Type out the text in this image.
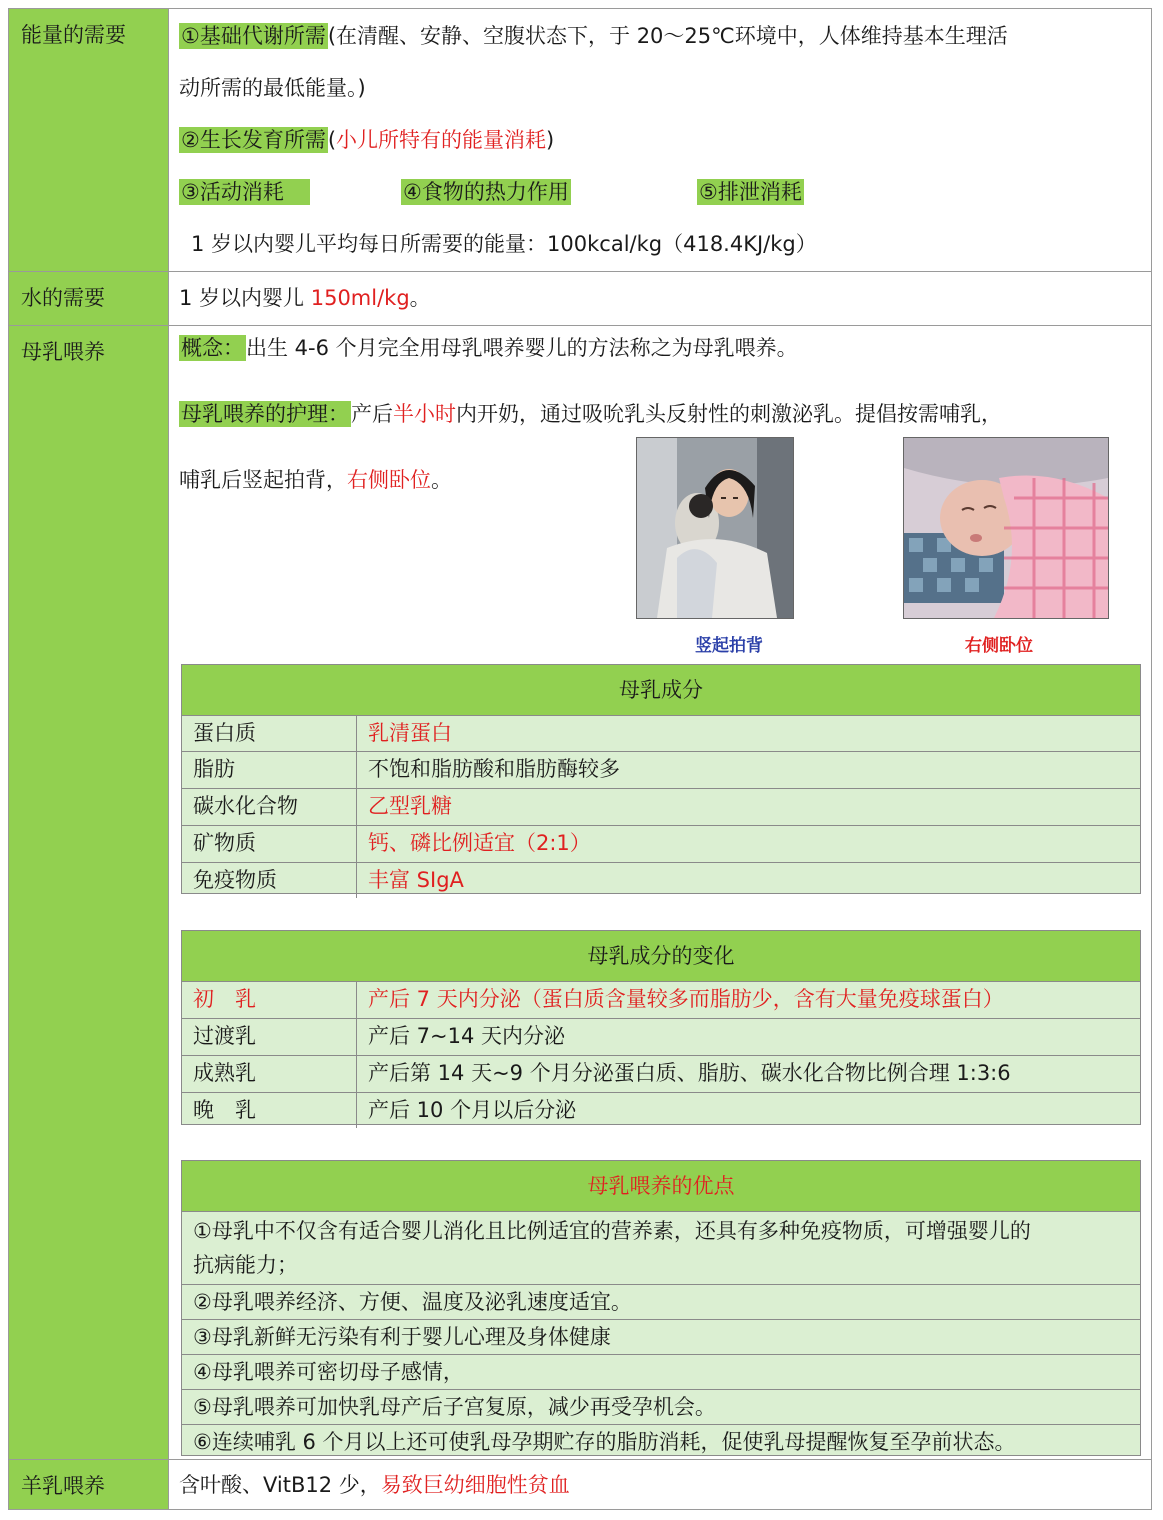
能量的需要	①基础代谢所需(在清醒、安静、空腹状态下，于 20～25℃环境中，人体维持基本生理活
动所需的最低能量。)
②生长发育所需(小儿所特有的能量消耗)
③活动消耗	④食物的热力作用	⑤排泄消耗
1 岁以内婴儿平均每日所需要的能量：100kcal/kg（418.4KJ/kg）
水的需要	1 岁以内婴儿 150ml/kg。
母乳喂养	概念：出生 4-6 个月完全用母乳喂养婴儿的方法称之为母乳喂养。
母乳喂养的护理：产后半小时内开奶，通过吸吮乳头反射性的刺激泌乳。提倡按需哺乳，
哺乳后竖起拍背，右侧卧位。
竖起拍背	右侧卧位
母乳成分
蛋白质	乳清蛋白
脂肪	不饱和脂肪酸和脂肪酶较多
碳水化合物	乙型乳糖
矿物质	钙、磷比例适宜（2:1）
免疫物质	丰富 SIgA
母乳成分的变化
初　乳	产后 7 天内分泌（蛋白质含量较多而脂肪少，含有大量免疫球蛋白）
过渡乳	产后 7~14 天内分泌
成熟乳	产后第 14 天~9 个月分泌蛋白质、脂肪、碳水化合物比例合理 1:3:6
晚　乳	产后 10 个月以后分泌
母乳喂养的优点
①母乳中不仅含有适合婴儿消化且比例适宜的营养素，还具有多种免疫物质，可增强婴儿的
抗病能力；
②母乳喂养经济、方便、温度及泌乳速度适宜。
③母乳新鲜无污染有利于婴儿心理及身体健康
④母乳喂养可密切母子感情，
⑤母乳喂养可加快乳母产后子宫复原，减少再受孕机会。
⑥连续哺乳 6 个月以上还可使乳母孕期贮存的脂肪消耗，促使乳母提醒恢复至孕前状态。
羊乳喂养	含叶酸、VitB12 少，易致巨幼细胞性贫血
